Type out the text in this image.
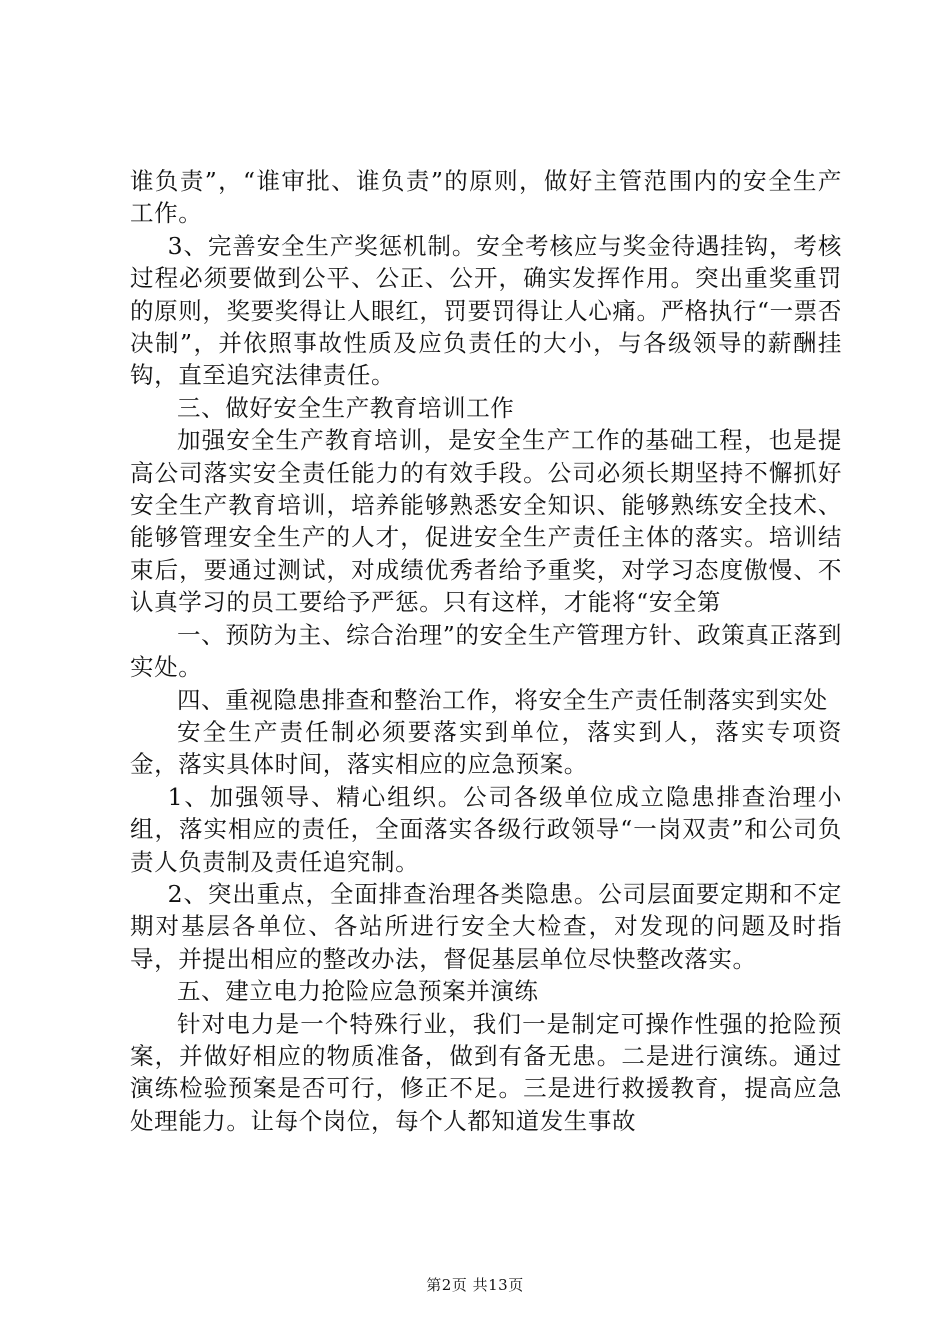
谁负责”，“谁审批、谁负责”的原则，做好主管范围内的安全生产工作。

3、完善安全生产奖惩机制。安全考核应与奖金待遇挂钩，考核过程必须要做到公平、公正、公开，确实发挥作用。突出重奖重罚的原则，奖要奖得让人眼红，罚要罚得让人心痛。严格执行“一票否决制”，并依照事故性质及应负责任的大小，与各级领导的薪酬挂钩，直至追究法律责任。

三、做好安全生产教育培训工作

加强安全生产教育培训，是安全生产工作的基础工程，也是提高公司落实安全责任能力的有效手段。公司必须长期坚持不懈抓好安全生产教育培训，培养能够熟悉安全知识、能够熟练安全技术、能够管理安全生产的人才，促进安全生产责任主体的落实。培训结束后，要通过测试，对成绩优秀者给予重奖，对学习态度傲慢、不认真学习的员工要给予严惩。只有这样，才能将“安全第

一、预防为主、综合治理”的安全生产管理方针、政策真正落到实处。

四、重视隐患排查和整治工作，将安全生产责任制落实到实处

安全生产责任制必须要落实到单位，落实到人，落实专项资金，落实具体时间，落实相应的应急预案。

1、加强领导、精心组织。公司各级单位成立隐患排查治理小组，落实相应的责任，全面落实各级行政领导“一岗双责”和公司负责人负责制及责任追究制。

2、突出重点，全面排查治理各类隐患。公司层面要定期和不定期对基层各单位、各站所进行安全大检查，对发现的问题及时指导，并提出相应的整改办法，督促基层单位尽快整改落实。

五、建立电力抢险应急预案并演练

针对电力是一个特殊行业，我们一是制定可操作性强的抢险预案，并做好相应的物质准备，做到有备无患。二是进行演练。通过演练检验预案是否可行，修正不足。三是进行救援教育，提高应急处理能力。让每个岗位，每个人都知道发生事故

第2页 共13页
